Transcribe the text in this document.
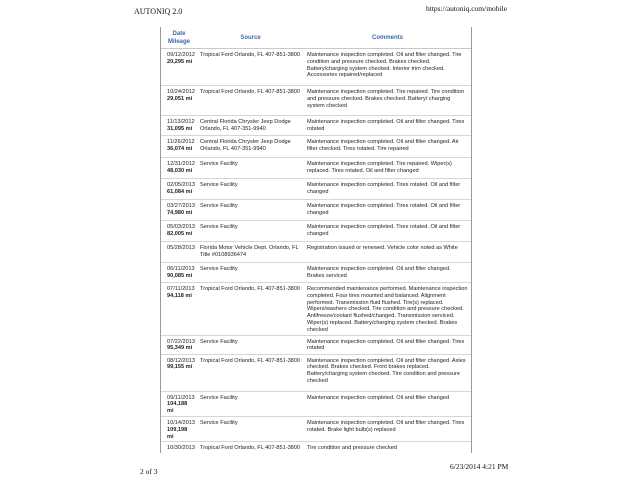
AUTONIQ 2.0	https://autoniq.com/mobile
Date
Mileage	Source	Comments
09/12/2012
20,295 mi	Tropical Ford Orlando, FL 407-851-3800	Maintenance inspection completed. Oil and filter changed. Tire condition and pressure checked. Brakes checked. Battery/charging system checked. Interior trim checked. Accessories repaired/replaced
10/24/2012
29,051 mi	Tropical Ford Orlando, FL 407-851-3800	Maintenance inspection completed. Tire repaired. Tire condition and pressure checked. Brakes checked. Battery/ charging system checked
11/13/2012
31,095 mi	Central Florida Chrysler Jeep Dodge Orlando, FL 407-351-9940	Maintenance inspection completed. Oil and filter changed. Tires rotated
11/26/2012
36,074 mi	Central Florida Chrysler Jeep Dodge Orlando, FL 407-351-9940	Maintenance inspection completed. Oil and filter changed. Air filter checked. Tires rotated. Tire repaired
12/31/2012
48,030 mi	Service Facility	Maintenance inspection completed. Tire repaired. Wiper(s) replaced. Tires rotated. Oil and filter changed
02/05/2013
61,084 mi	Service Facility	Maintenance inspection completed. Tires rotated. Oil and filter changed
03/27/2013
74,980 mi	Service Facility	Maintenance inspection completed. Tires rotated. Oil and filter changed
05/03/2013
82,005 mi	Service Facility	Maintenance inspection completed. Tires rotated. Oil and filter changed
05/28/2013	Florida Motor Vehicle Dept. Orlando, FL Title #0108936474	Registration issued or renewed. Vehicle color noted as White
06/11/2013
90,085 mi	Service Facility	Maintenance inspection completed. Oil and filter changed. Brakes serviced
07/11/2013
94,118 mi	Tropical Ford Orlando, FL 407-851-3800	Recommended maintenance performed. Maintenance inspection completed. Four tires mounted and balanced. Alignment performed. Transmission fluid flushed. Tire(s) replaced. Wipers/washers checked. Tire condition and pressure checked. Antifreeze/coolant flushed/changed. Transmission serviced. Wiper(s) replaced. Battery/charging system checked. Brakes checked
07/22/2013
95,349 mi	Service Facility	Maintenance inspection completed. Oil and filter changed. Tires rotated
08/12/2013
99,155 mi	Tropical Ford Orlando, FL 407-851-3800	Maintenance inspection completed. Oil and filter changed. Axles checked. Brakes checked. Front brakes replaced. Battery/charging system checked. Tire condition and pressure checked
09/11/2013
104,188 mi	Service Facility	Maintenance inspection completed. Oil and filter changed
10/14/2013
109,198 mi	Service Facility	Maintenance inspection completed. Oil and filter changed. Tires rotated. Brake light bulb(s) replaced
10/30/2013	Tropical Ford Orlando, FL 407-851-3800	Tire condition and pressure checked
2 of 3
6/23/2014 4:21 PM
